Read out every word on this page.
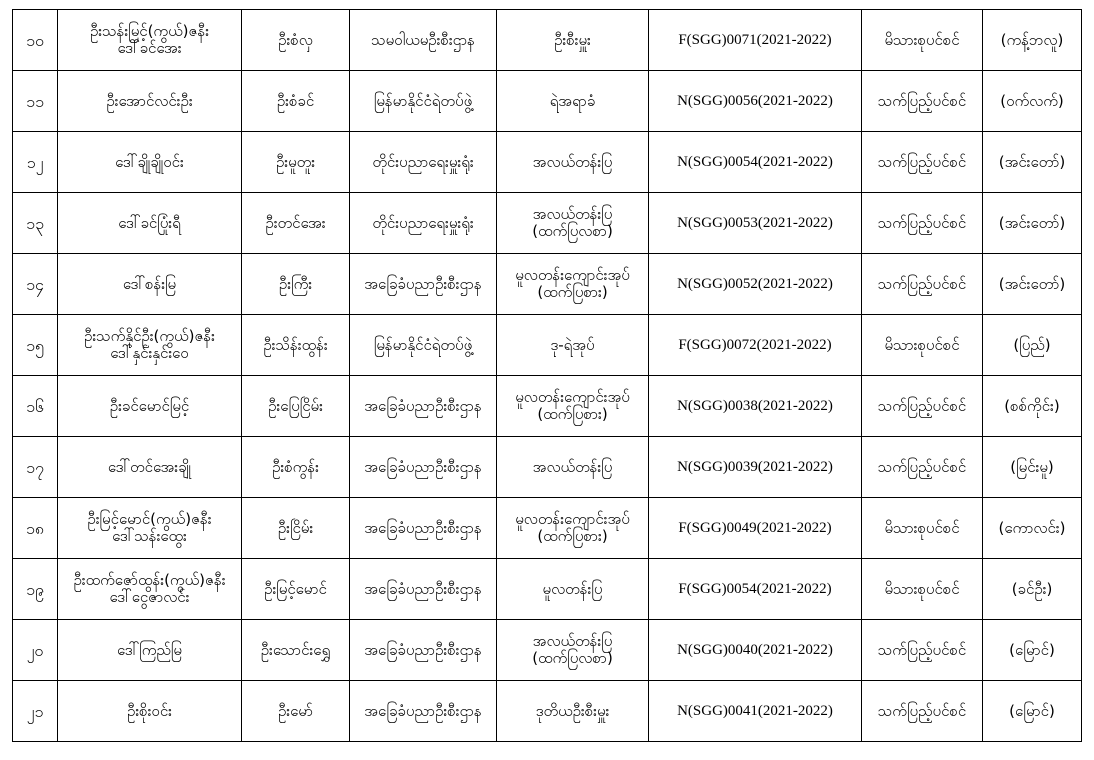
၁၀	ဦးသန်းမြင့်(ကွယ်)ဇနီး
ဒေါ်ခင်အေး	ဦးစံလှ	သမဝါယမဦးစီးဌာန	ဦးစီးမှူး	F(SGG)0071(2021-2022)	မိသားစုပင်စင်	(ကန့်ဘလူ)

၁၁	ဦးအောင်လင်းဦး	ဦးစံခင်	မြန်မာနိုင်ငံရဲတပ်ဖွဲ့	ရဲအရာခံ	N(SGG)0056(2021-2022)	သက်ပြည့်ပင်စင်	(ဝက်လက်)

၁၂	ဒေါ်ချိုချိုဝင်း	ဦးမူတူး	တိုင်းပညာရေးမှူးရုံး	အလယ်တန်းပြ	N(SGG)0054(2021-2022)	သက်ပြည့်ပင်စင်	(အင်းတော်)

၁၃	ဒေါ်ခင်ပြုံးရီ	ဦးတင်အေး	တိုင်းပညာရေးမှူးရုံး	အလယ်တန်းပြ
(ထက်ပြလစာ)	N(SGG)0053(2021-2022)	သက်ပြည့်ပင်စင်	(အင်းတော်)

၁၄	ဒေါ်စန်းမြ	ဦးကြီး	အခြေခံပညာဦးစီးဌာန	မူလတန်းကျောင်းအုပ်
(ထက်ပြစား)	N(SGG)0052(2021-2022)	သက်ပြည့်ပင်စင်	(အင်းတော်)

၁၅	ဦးသက်နိုင်ဦး(ကွယ်)ဇနီး
ဒေါ်နှင်းနှင်းဝေ	ဦးသိန်းထွန်း	မြန်မာနိုင်ငံရဲတပ်ဖွဲ့	ဒု-ရဲအုပ်	F(SGG)0072(2021-2022)	မိသားစုပင်စင်	(ပြည်)

၁၆	ဦးခင်မောင်မြင့်	ဦးပြေငြိမ်း	အခြေခံပညာဦးစီးဌာန	မူလတန်းကျောင်းအုပ်
(ထက်ပြစား)	N(SGG)0038(2021-2022)	သက်ပြည့်ပင်စင်	(စစ်ကိုင်း)

၁၇	ဒေါ်တင်အေးချို	ဦးစံကွန်း	အခြေခံပညာဦးစီးဌာန	အလယ်တန်းပြ	N(SGG)0039(2021-2022)	သက်ပြည့်ပင်စင်	(မြင်းမူ)

၁၈	ဦးမြင့်မောင်(ကွယ်)ဇနီး
ဒေါ်သန်းထွေး	ဦးငြိမ်း	အခြေခံပညာဦးစီးဌာန	မူလတန်းကျောင်းအုပ်
(ထက်ပြစား)	F(SGG)0049(2021-2022)	မိသားစုပင်စင်	(ကောလင်း)

၁၉	ဦးထက်ဇော်ထွန်း(ကွယ်)ဇနီး
ဒေါ်ငွေဇာလင်း	ဦးမြင့်မောင်	အခြေခံပညာဦးစီးဌာန	မူလတန်းပြ	F(SGG)0054(2021-2022)	မိသားစုပင်စင်	(ခင်ဦး)

၂၀	ဒေါ်ကြည်မြ	ဦးသောင်းရွှေ	အခြေခံပညာဦးစီးဌာန	အလယ်တန်းပြ
(ထက်ပြလစာ)	N(SGG)0040(2021-2022)	သက်ပြည့်ပင်စင်	(မြောင်)

၂၁	ဦးစိုးဝင်း	ဦးမော်	အခြေခံပညာဦးစီးဌာန	ဒုတိယဦးစီးမှူး	N(SGG)0041(2021-2022)	သက်ပြည့်ပင်စင်	(မြောင်)
